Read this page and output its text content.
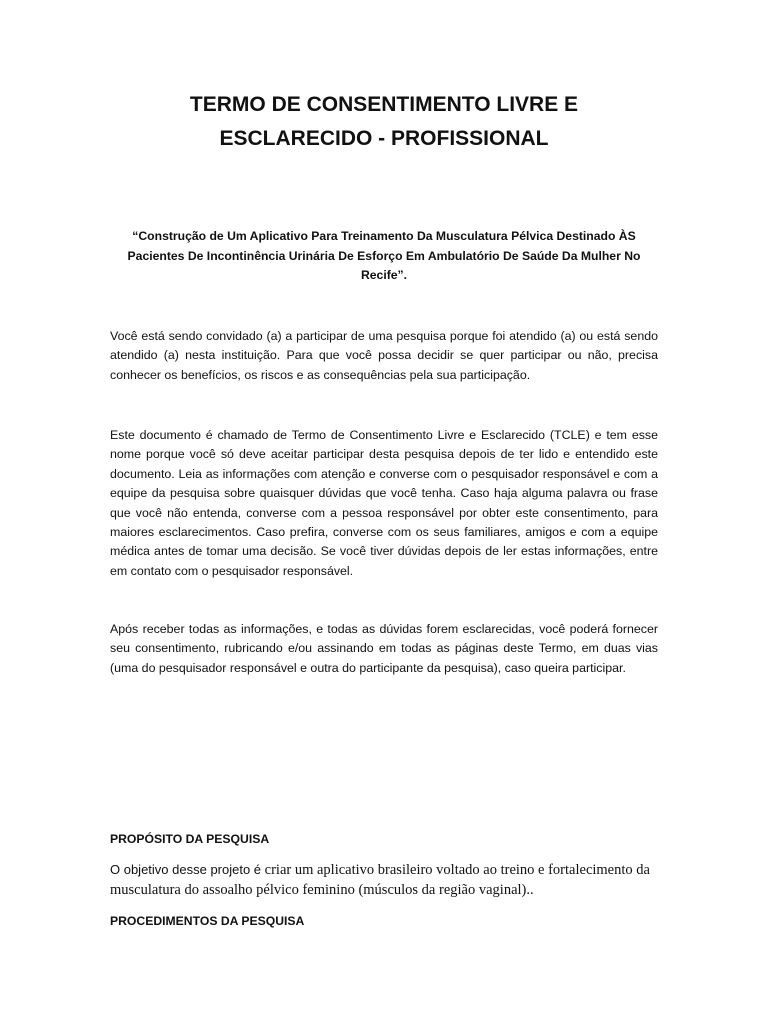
TERMO DE CONSENTIMENTO LIVRE E
ESCLARECIDO - PROFISSIONAL

“Construção de Um Aplicativo Para Treinamento Da Musculatura Pélvica Destinado ÀS Pacientes De Incontinência Urinária De Esforço Em Ambulatório De Saúde Da Mulher No Recife”.

Você está sendo convidado (a) a participar de uma pesquisa porque foi atendido (a) ou está sendo atendido (a) nesta instituição. Para que você possa decidir se quer participar ou não, precisa conhecer os benefícios, os riscos e as consequências pela sua participação.

Este documento é chamado de Termo de Consentimento Livre e Esclarecido (TCLE) e tem esse nome porque você só deve aceitar participar desta pesquisa depois de ter lido e entendido este documento. Leia as informações com atenção e converse com o pesquisador responsável e com a equipe da pesquisa sobre quaisquer dúvidas que você tenha. Caso haja alguma palavra ou frase que você não entenda, converse com a pessoa responsável por obter este consentimento, para maiores esclarecimentos. Caso prefira, converse com os seus familiares, amigos e com a equipe médica antes de tomar uma decisão. Se você tiver dúvidas depois de ler estas informações, entre em contato com o pesquisador responsável.

Após receber todas as informações, e todas as dúvidas forem esclarecidas, você poderá fornecer seu consentimento, rubricando e/ou assinando em todas as páginas deste Termo, em duas vias (uma do pesquisador responsável e outra do participante da pesquisa), caso queira participar.

PROPÓSITO DA PESQUISA

O objetivo desse projeto é criar um aplicativo brasileiro voltado ao treino e fortalecimento da musculatura do assoalho pélvico feminino (músculos da região vaginal)..

PROCEDIMENTOS DA PESQUISA
